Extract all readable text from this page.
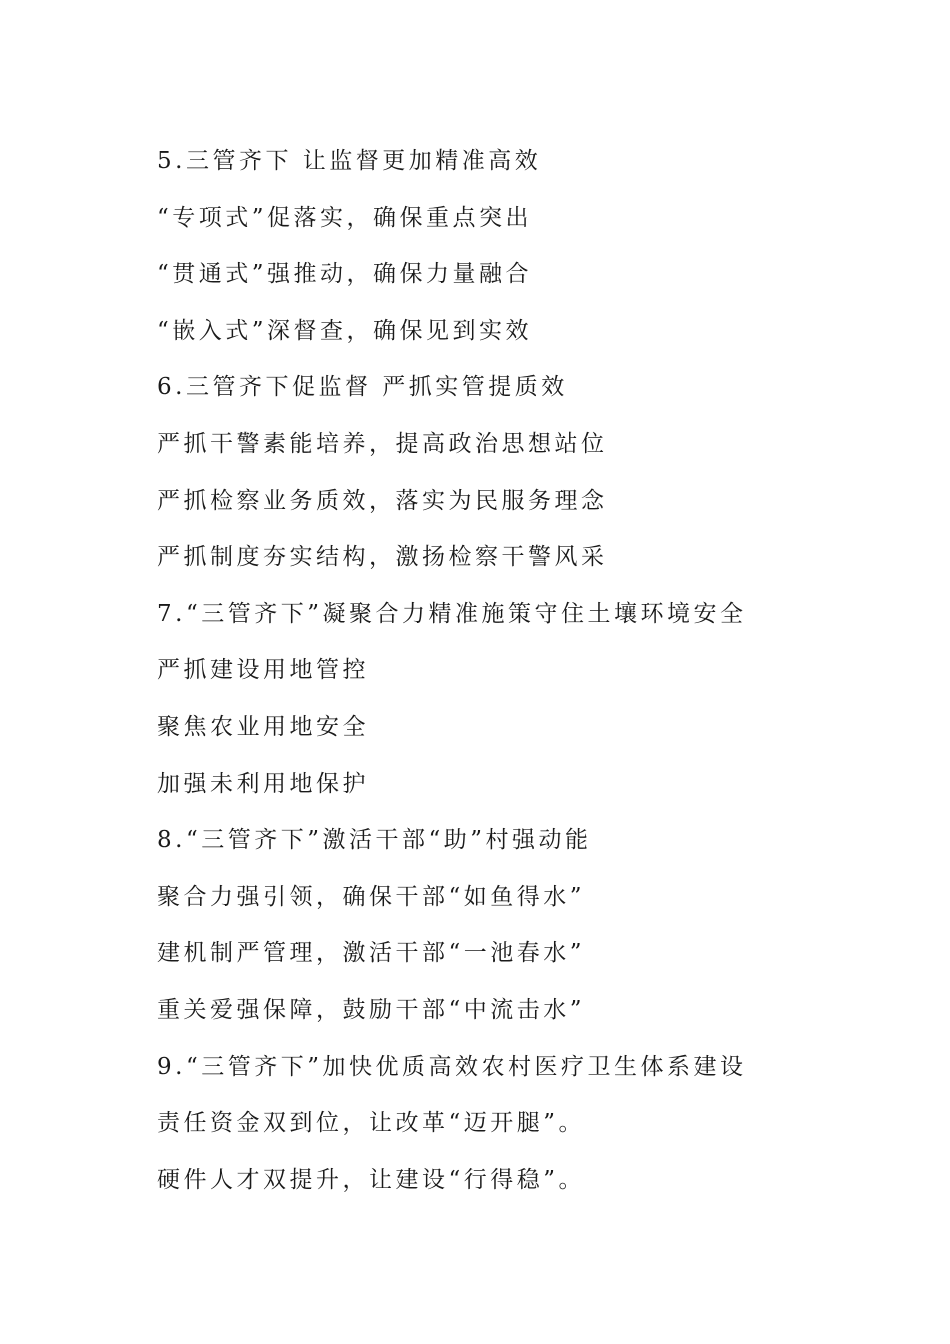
5.三管齐下 让监督更加精准高效
“专项式”促落实，确保重点突出
“贯通式”强推动，确保力量融合
“嵌入式”深督查，确保见到实效
6.三管齐下促监督 严抓实管提质效
严抓干警素能培养，提高政治思想站位
严抓检察业务质效，落实为民服务理念
严抓制度夯实结构，激扬检察干警风采
7.“三管齐下”凝聚合力精准施策守住土壤环境安全
严抓建设用地管控
聚焦农业用地安全
加强未利用地保护
8.“三管齐下”激活干部“助”村强动能
聚合力强引领，确保干部“如鱼得水”
建机制严管理，激活干部“一池春水”
重关爱强保障，鼓励干部“中流击水”
9.“三管齐下”加快优质高效农村医疗卫生体系建设
责任资金双到位，让改革“迈开腿”。
硬件人才双提升，让建设“行得稳”。
